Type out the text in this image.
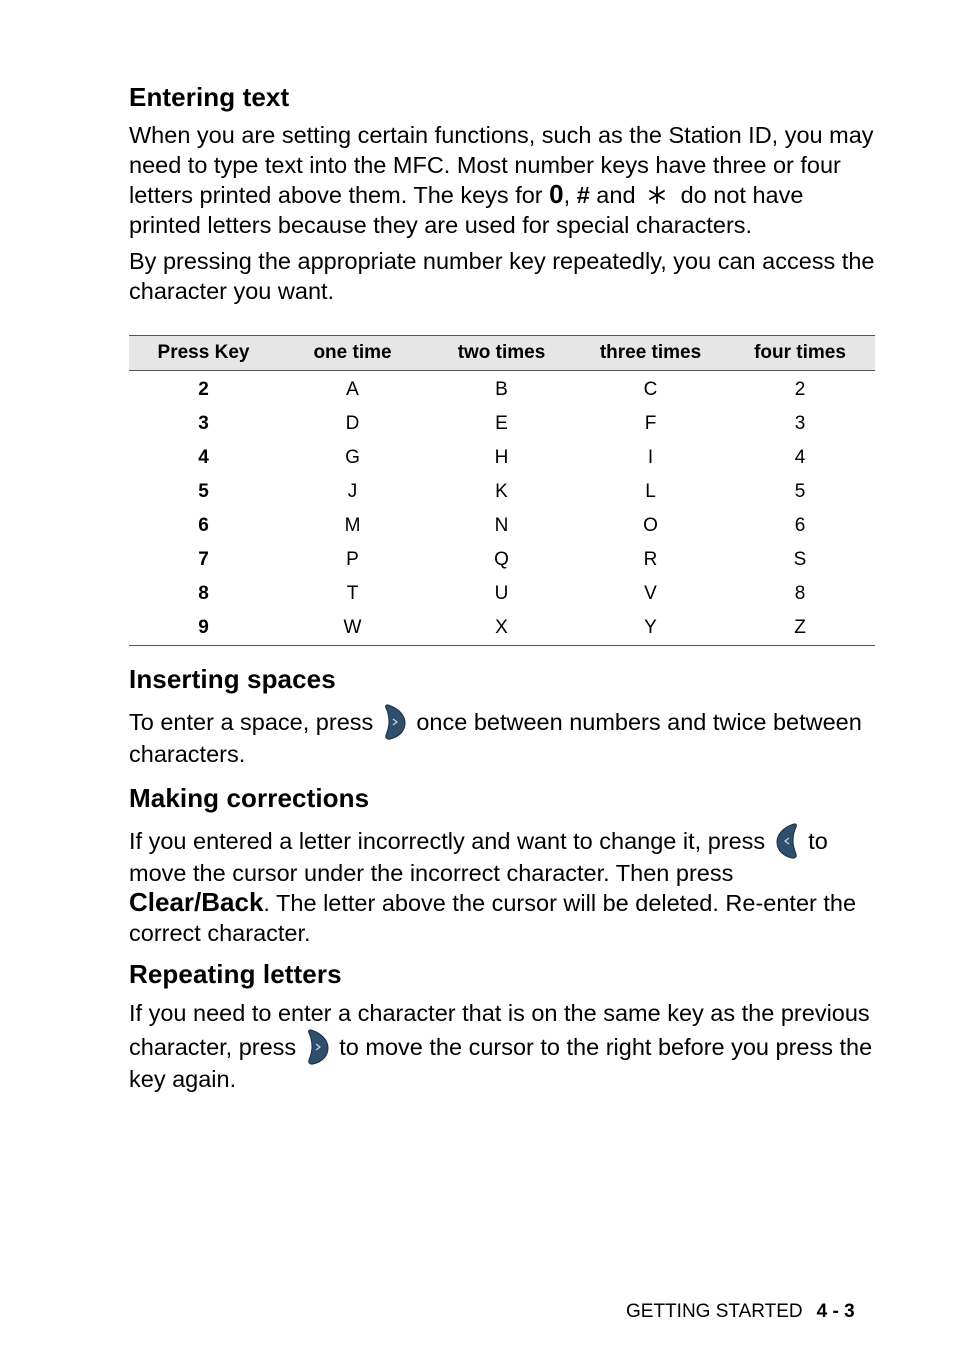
Entering text

When you are setting certain functions, such as the Station ID, you may need to type text into the MFC. Most number keys have three or four letters printed above them. The keys for 0, # and
do not have printed letters because they are used for special characters.

By pressing the appropriate number key repeatedly, you can access the character you want.

Press Key	one time	two times	three times	four times
2	A	B	C	2
3	D	E	F	3
4	G	H	I	4
5	J	K	L	5
6	M	N	O	6
7	P	Q	R	S
8	T	U	V	8
9	W	X	Y	Z
Inserting spaces

To enter a space, press
once between numbers and twice between characters.

Making corrections

If you entered a letter incorrectly and want to change it, press
to move the cursor under the incorrect character. Then press Clear/Back. The letter above the cursor will be deleted. Re-enter the correct character.

Repeating letters

If you need to enter a character that is on the same key as the previous character, press
to move the cursor to the right before you press the key again.

GETTING STARTED 4 - 3
